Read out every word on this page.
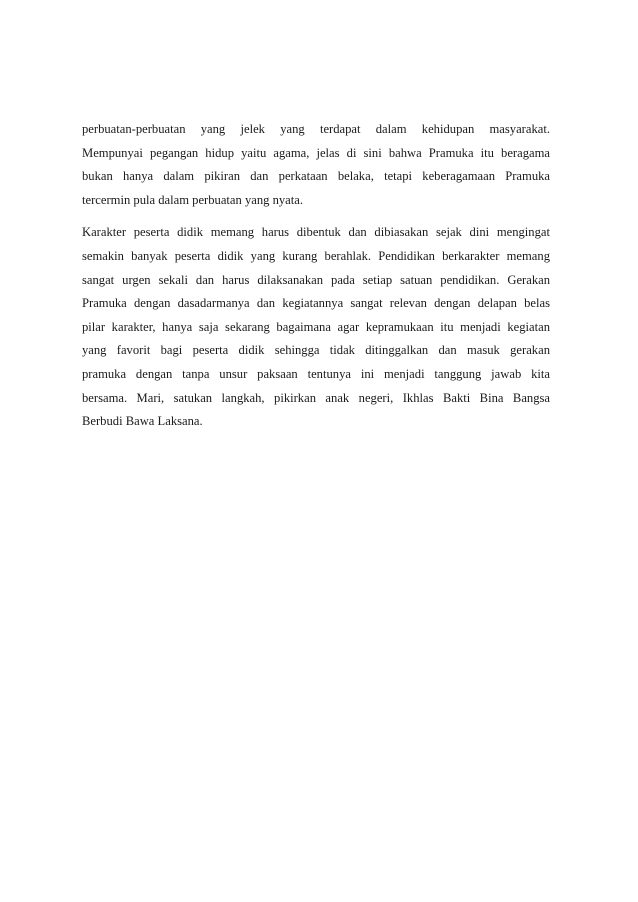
perbuatan-perbuatan yang jelek yang terdapat dalam kehidupan masyarakat.
Mempunyai pegangan hidup yaitu agama, jelas di sini bahwa Pramuka itu beragama
bukan hanya dalam pikiran dan perkataan belaka, tetapi keberagamaan Pramuka
tercermin pula dalam perbuatan yang nyata.

Karakter peserta didik memang harus dibentuk dan dibiasakan sejak dini mengingat
semakin banyak peserta didik yang kurang berahlak. Pendidikan berkarakter memang
sangat urgen sekali dan harus dilaksanakan pada setiap satuan pendidikan. Gerakan
Pramuka dengan dasadarmanya dan kegiatannya sangat relevan dengan delapan belas
pilar karakter, hanya saja sekarang bagaimana agar kepramukaan itu menjadi kegiatan
yang favorit bagi peserta didik sehingga tidak ditinggalkan dan masuk gerakan
pramuka dengan tanpa unsur paksaan tentunya ini menjadi tanggung jawab kita
bersama. Mari, satukan langkah, pikirkan anak negeri, Ikhlas Bakti Bina Bangsa
Berbudi Bawa Laksana.
